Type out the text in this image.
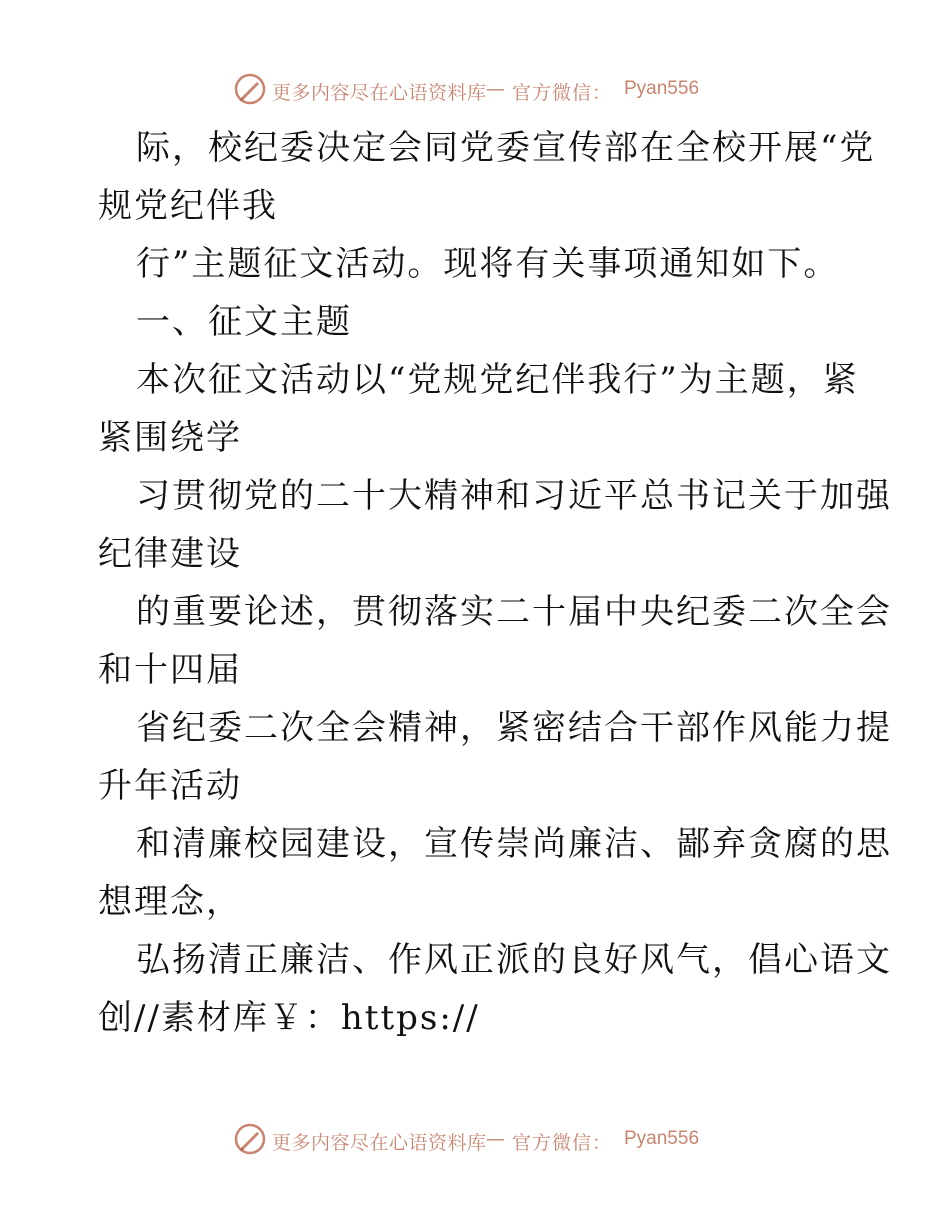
更多内容尽在心语资料库 — 官方微信： Pyan556
际，校纪委决定会同党委宣传部在全校开展“党
规党纪伴我
行”主题征文活动。现将有关事项通知如下。
一、征文主题
本次征文活动以“党规党纪伴我行”为主题，紧
紧围绕学
习贯彻党的二十大精神和习近平总书记关于加强
纪律建设
的重要论述，贯彻落实二十届中央纪委二次全会
和十四届
省纪委二次全会精神，紧密结合干部作风能力提
升年活动
和清廉校园建设，宣传崇尚廉洁、鄙弃贪腐的思
想理念，
弘扬清正廉洁、作风正派的良好风气，倡心语文
创//素材库￥：https://
更多内容尽在心语资料库 — 官方微信： Pyan556
